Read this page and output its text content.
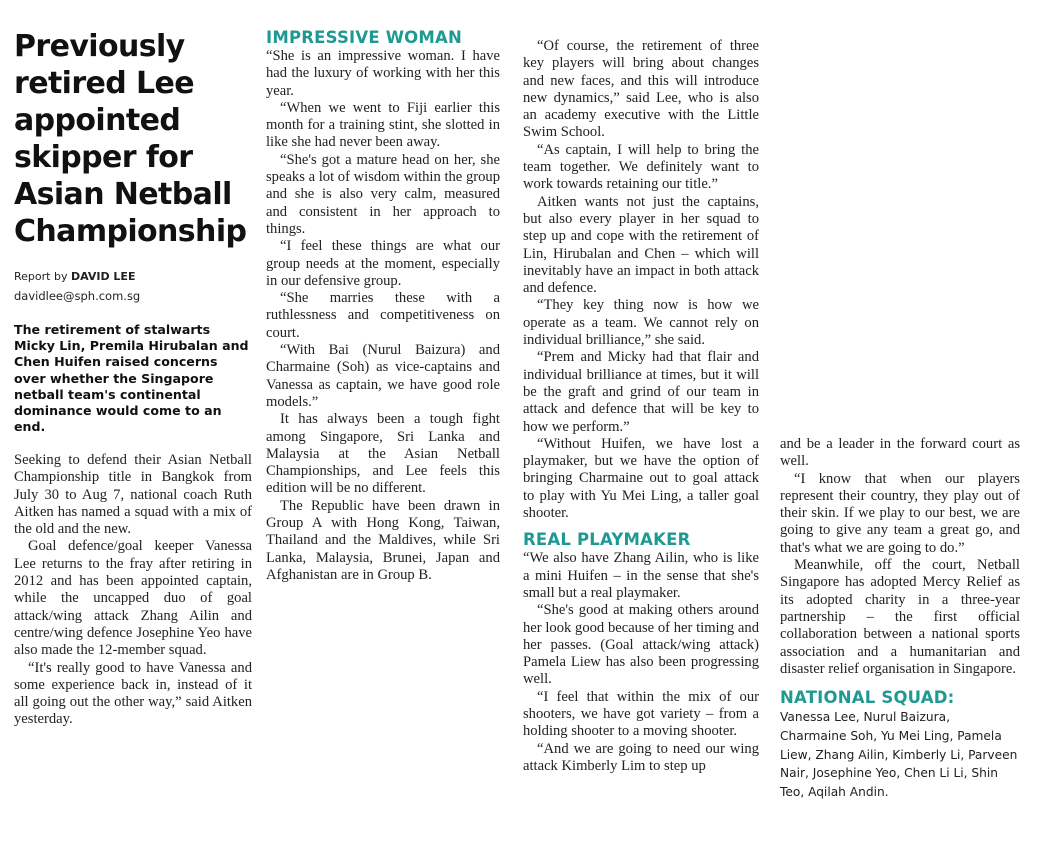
Previously retired Lee appointed skipper for Asian Netball Championship
Report by DAVID LEE
davidlee@sph.com.sg

The retirement of stalwarts Micky Lin, Premila Hirubalan and Chen Huifen raised concerns over whether the Singapore netball team's continental dominance would come to an end.

Seeking to defend their Asian Netball Championship title in Bangkok from July 30 to Aug 7, national coach Ruth Aitken has named a squad with a mix of the old and the new.

Goal defence/goal keeper Vanessa Lee returns to the fray after retiring in 2012 and has been appointed captain, while the uncapped duo of goal attack/wing attack Zhang Ailin and centre/wing defence Josephine Yeo have also made the 12-member squad.

“It's really good to have Vanessa and some experience back in, instead of it all going out the other way,” said Aitken yesterday.

IMPRESSIVE WOMAN

“She is an impressive woman. I have had the luxury of working with her this year.

“When we went to Fiji earlier this month for a training stint, she slotted in like she had never been away.

“She's got a mature head on her, she speaks a lot of wisdom within the group and she is also very calm, measured and consistent in her approach to things.

“I feel these things are what our group needs at the moment, especially in our defensive group.

“She marries these with a ruthlessness and competitiveness on court.

“With Bai (Nurul Baizura) and Charmaine (Soh) as vice-captains and Vanessa as captain, we have good role models.”

It has always been a tough fight among Singapore, Sri Lanka and Malaysia at the Asian Netball Championships, and Lee feels this edition will be no different.

The Republic have been drawn in Group A with Hong Kong, Taiwan, Thailand and the Maldives, while Sri Lanka, Malaysia, Brunei, Japan and Afghanistan are in Group B.

“Of course, the retirement of three key players will bring about changes and new faces, and this will introduce new dynamics,” said Lee, who is also an academy executive with the Little Swim School.

“As captain, I will help to bring the team together. We definitely want to work towards retaining our title.”

Aitken wants not just the captains, but also every player in her squad to step up and cope with the retirement of Lin, Hirubalan and Chen – which will inevitably have an impact in both attack and defence.

“They key thing now is how we operate as a team. We cannot rely on individual brilliance,” she said.

“Prem and Micky had that flair and individual brilliance at times, but it will be the graft and grind of our team in attack and defence that will be key to how we perform.”

“Without Huifen, we have lost a playmaker, but we have the option of bringing Charmaine out to goal attack to play with Yu Mei Ling, a taller goal shooter.

REAL PLAYMAKER

“We also have Zhang Ailin, who is like a mini Huifen – in the sense that she's small but a real playmaker.

“She's good at making others around her look good because of her timing and her passes. (Goal attack/wing attack) Pamela Liew has also been progressing well.

“I feel that within the mix of our shooters, we have got variety – from a holding shooter to a moving shooter.

“And we are going to need our wing attack Kimberly Lim to step up

and be a leader in the forward court as well.

“I know that when our players represent their country, they play out of their skin. If we play to our best, we are going to give any team a great go, and that's what we are going to do.”

Meanwhile, off the court, Netball Singapore has adopted Mercy Relief as its adopted charity in a three-year partnership – the first official collaboration between a national sports association and a humanitarian and disaster relief organisation in Singapore.

NATIONAL SQUAD:

Vanessa Lee, Nurul Baizura, Charmaine Soh, Yu Mei Ling, Pamela Liew, Zhang Ailin, Kimberly Li, Parveen Nair, Josephine Yeo, Chen Li Li, Shin Teo, Aqilah Andin.
